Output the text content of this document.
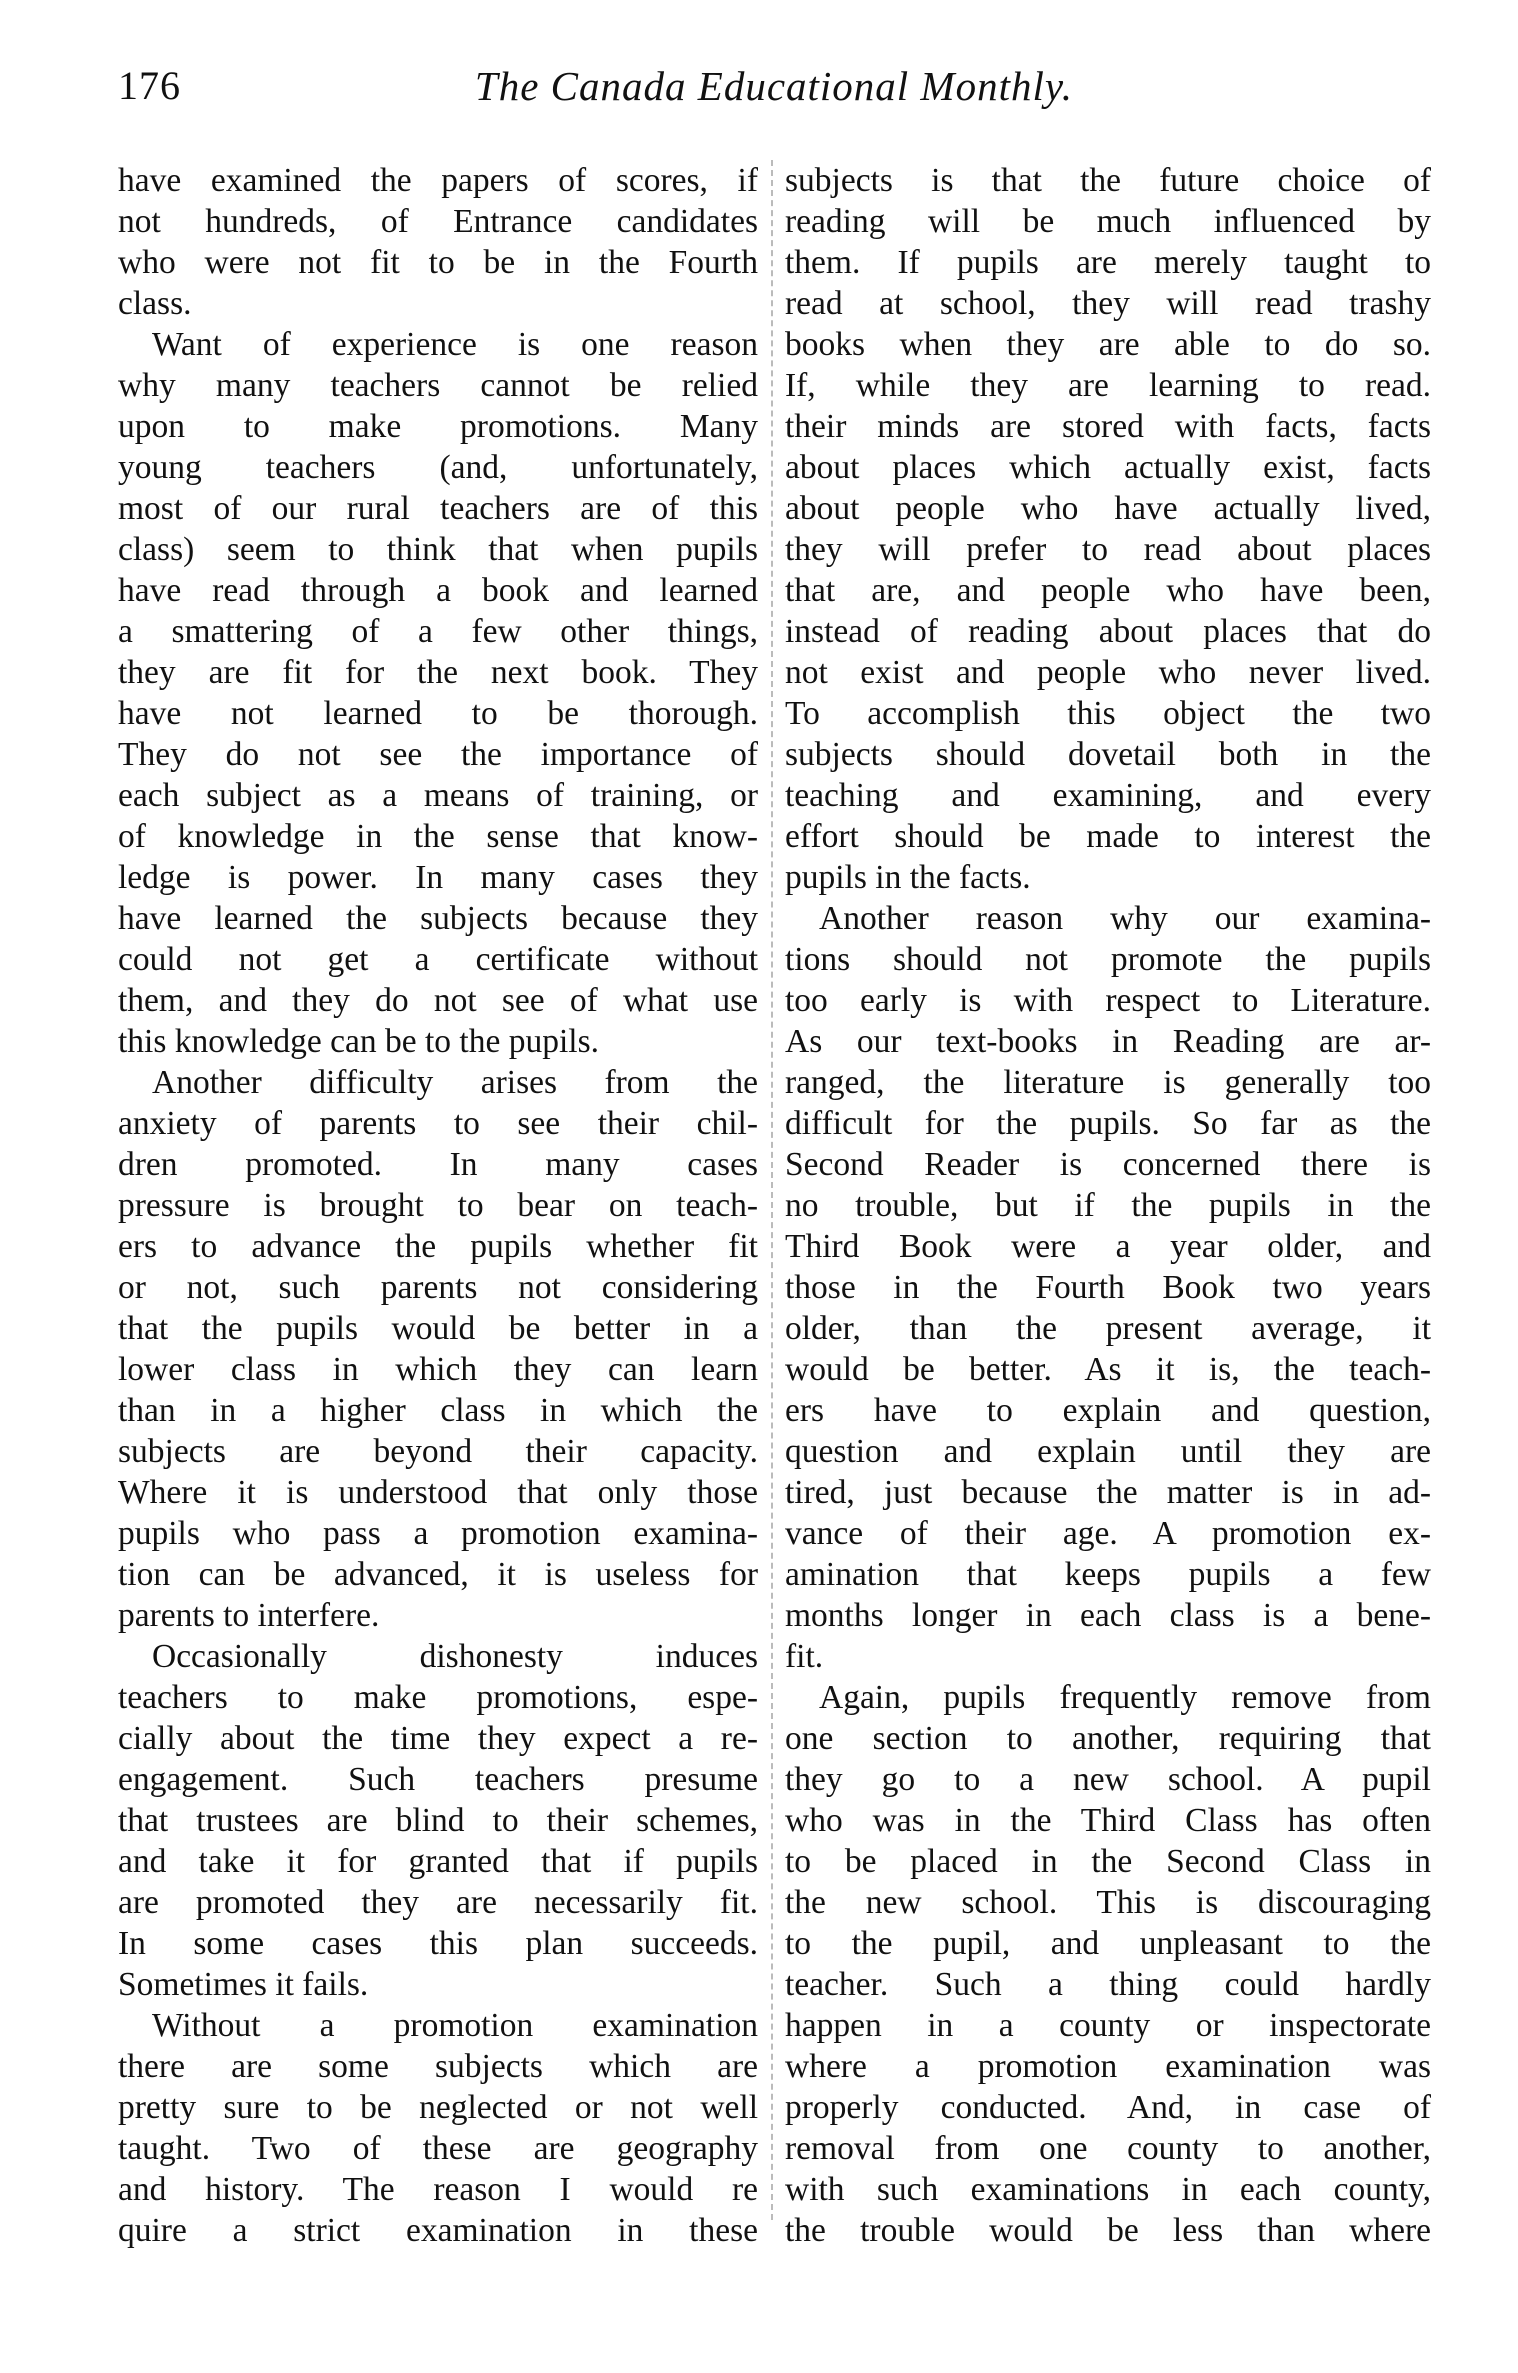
176	The Canada Educational Monthly.
have examined the papers of scores, if
not hundreds, of Entrance candidates
who were not fit to be in the Fourth
class.
Want of experience is one reason
why many teachers cannot be relied
upon to make promotions. Many
young teachers (and, unfortunately,
most of our rural teachers are of this
class) seem to think that when pupils
have read through a book and learned
a smattering of a few other things,
they are fit for the next book. They
have not learned to be thorough.
They do not see the importance of
each subject as a means of training, or
of knowledge in the sense that know-
ledge is power. In many cases they
have learned the subjects because they
could not get a certificate without
them, and they do not see of what use
this knowledge can be to the pupils.
Another difficulty arises from the
anxiety of parents to see their chil-
dren promoted. In many cases
pressure is brought to bear on teach-
ers to advance the pupils whether fit
or not, such parents not considering
that the pupils would be better in a
lower class in which they can learn
than in a higher class in which the
subjects are beyond their capacity.
Where it is understood that only those
pupils who pass a promotion examina-
tion can be advanced, it is useless for
parents to interfere.
Occasionally dishonesty induces
teachers to make promotions, espe-
cially about the time they expect a re-
engagement. Such teachers presume
that trustees are blind to their schemes,
and take it for granted that if pupils
are promoted they are necessarily fit.
In some cases this plan succeeds.
Sometimes it fails.
Without a promotion examination
there are some subjects which are
pretty sure to be neglected or not well
taught. Two of these are geography
and history. The reason I would re
quire a strict examination in these
subjects is that the future choice of
reading will be much influenced by
them. If pupils are merely taught to
read at school, they will read trashy
books when they are able to do so.
If, while they are learning to read.
their minds are stored with facts, facts
about places which actually exist, facts
about people who have actually lived,
they will prefer to read about places
that are, and people who have been,
instead of reading about places that do
not exist and people who never lived.
To accomplish this object the two
subjects should dovetail both in the
teaching and examining, and every
effort should be made to interest the
pupils in the facts.
Another reason why our examina-
tions should not promote the pupils
too early is with respect to Literature.
As our text-books in Reading are ar-
ranged, the literature is generally too
difficult for the pupils. So far as the
Second Reader is concerned there is
no trouble, but if the pupils in the
Third Book were a year older, and
those in the Fourth Book two years
older, than the present average, it
would be better. As it is, the teach-
ers have to explain and question,
question and explain until they are
tired, just because the matter is in ad-
vance of their age. A promotion ex-
amination that keeps pupils a few
months longer in each class is a bene-
fit.
Again, pupils frequently remove from
one section to another, requiring that
they go to a new school. A pupil
who was in the Third Class has often
to be placed in the Second Class in
the new school. This is discouraging
to the pupil, and unpleasant to the
teacher. Such a thing could hardly
happen in a county or inspectorate
where a promotion examination was
properly conducted. And, in case of
removal from one county to another,
with such examinations in each county,
the trouble would be less than where
